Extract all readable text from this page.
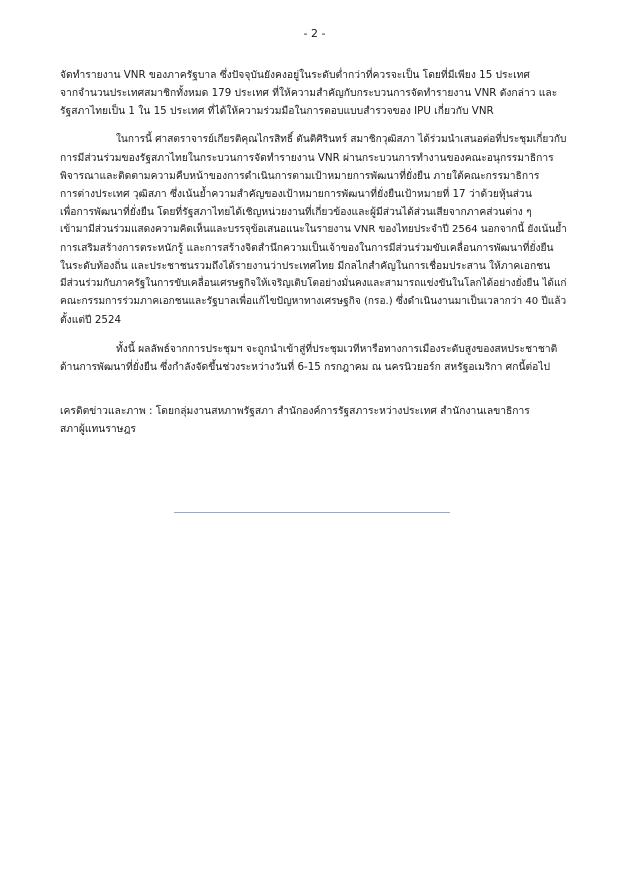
- 2 -
จัดทำรายงาน VNR ของภาครัฐบาล ซึ่งปัจจุบันยังคงอยู่ในระดับต่ำกว่าที่ควรจะเป็น โดยที่มีเพียง 15 ประเทศ
จากจำนวนประเทศสมาชิกทั้งหมด 179 ประเทศ ที่ให้ความสำคัญกับกระบวนการจัดทำรายงาน VNR ดังกล่าว และ
รัฐสภาไทยเป็น 1 ใน 15 ประเทศ ที่ได้ให้ความร่วมมือในการตอบแบบสำรวจของ IPU เกี่ยวกับ VNR
ในการนี้ ศาสตราจารย์เกียรติคุณไกรสิทธิ์ ตันติศิรินทร์ สมาชิกวุฒิสภา ได้ร่วมนำเสนอต่อที่ประชุมเกี่ยวกับ
การมีส่วนร่วมของรัฐสภาไทยในกระบวนการจัดทำรายงาน VNR ผ่านกระบวนการทำงานของคณะอนุกรรมาธิการ
พิจารณาและติดตามความคืบหน้าของการดำเนินการตามเป้าหมายการพัฒนาที่ยั่งยืน ภายใต้คณะกรรมาธิการ
การต่างประเทศ วุฒิสภา ซึ่งเน้นย้ำความสำคัญของเป้าหมายการพัฒนาที่ยั่งยืนเป้าหมายที่ 17 ว่าด้วยหุ้นส่วน
เพื่อการพัฒนาที่ยั่งยืน โดยที่รัฐสภาไทยได้เชิญหน่วยงานที่เกี่ยวข้องและผู้มีส่วนได้ส่วนเสียจากภาคส่วนต่าง ๆ
เข้ามามีส่วนร่วมแสดงความคิดเห็นและบรรจุข้อเสนอแนะในรายงาน VNR ของไทยประจำปี 2564 นอกจากนี้ ยังเน้นย้ำ
การเสริมสร้างการตระหนักรู้ และการสร้างจิตสำนึกความเป็นเจ้าของในการมีส่วนร่วมขับเคลื่อนการพัฒนาที่ยั่งยืน
ในระดับท้องถิ่น และประชาชนรวมถึงได้รายงานว่าประเทศไทย มีกลไกสำคัญในการเชื่อมประสาน ให้ภาคเอกชน
มีส่วนร่วมกับภาครัฐในการขับเคลื่อนเศรษฐกิจให้เจริญเติบโตอย่างมั่นคงและสามารถแข่งขันในโลกได้อย่างยั่งยืน ได้แก่
คณะกรรมการร่วมภาคเอกชนและรัฐบาลเพื่อแก้ไขปัญหาทางเศรษฐกิจ (กรอ.) ซึ่งดำเนินงานมาเป็นเวลากว่า 40 ปีแล้ว
ตั้งแต่ปี 2524
ทั้งนี้ ผลลัพธ์จากการประชุมฯ จะถูกนำเข้าสู่ที่ประชุมเวทีหารือทางการเมืองระดับสูงของสหประชาชาติ
ด้านการพัฒนาที่ยั่งยืน ซึ่งกำลังจัดขึ้นช่วงระหว่างวันที่ 6-15 กรกฎาคม ณ นครนิวยอร์ก สหรัฐอเมริกา ศกนี้ต่อไป
เครดิตข่าวและภาพ : โดยกลุ่มงานสหภาพรัฐสภา สำนักองค์การรัฐสภาระหว่างประเทศ สำนักงานเลขาธิการ
สภาผู้แทนราษฎร
